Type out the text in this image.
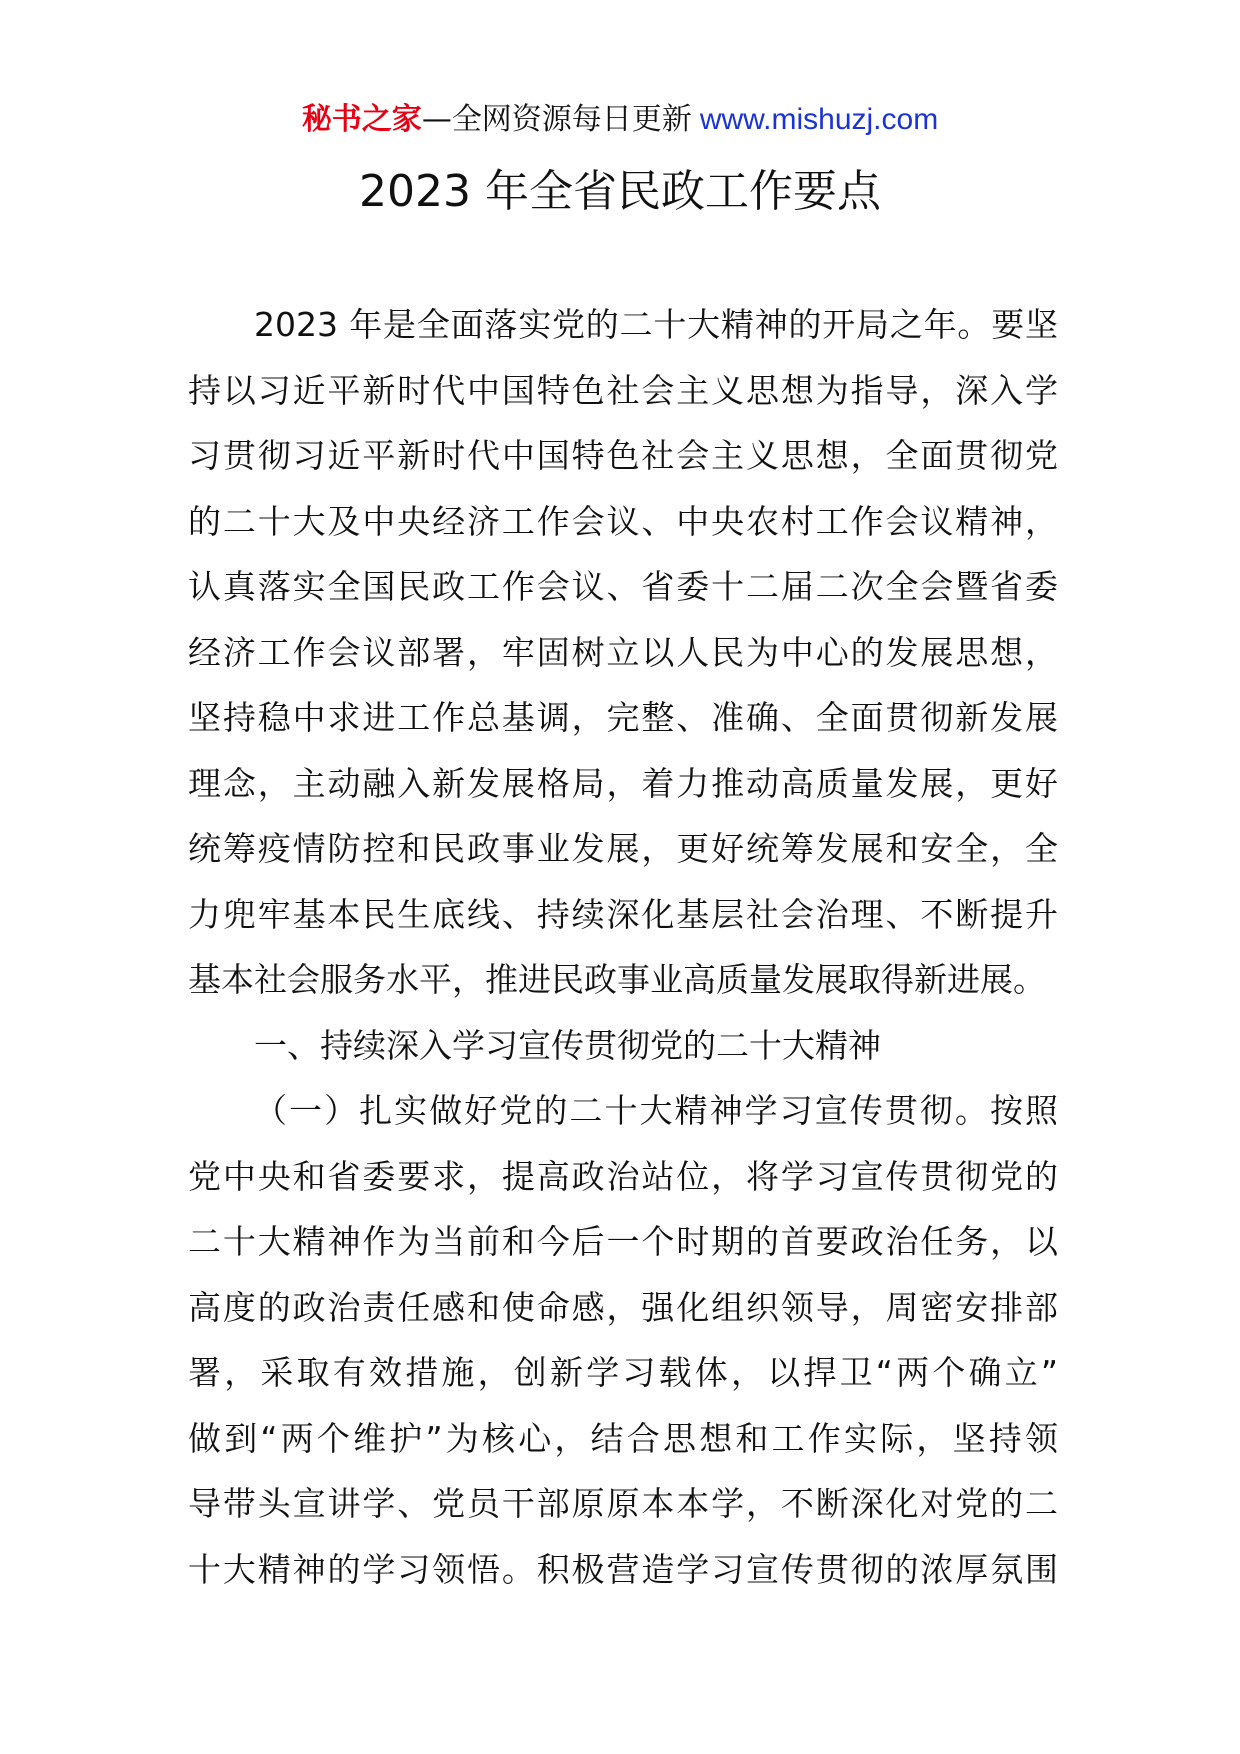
秘书之家—全网资源每日更新 www.mishuzj.com
2023 年全省民政工作要点
2023 年是全面落实党的二十大精神的开局之年。要坚
持以习近平新时代中国特色社会主义思想为指导，深入学
习贯彻习近平新时代中国特色社会主义思想，全面贯彻党
的二十大及中央经济工作会议、中央农村工作会议精神，
认真落实全国民政工作会议、省委十二届二次全会暨省委
经济工作会议部署，牢固树立以人民为中心的发展思想，
坚持稳中求进工作总基调，完整、准确、全面贯彻新发展
理念，主动融入新发展格局，着力推动高质量发展，更好
统筹疫情防控和民政事业发展，更好统筹发展和安全，全
力兜牢基本民生底线、持续深化基层社会治理、不断提升
基本社会服务水平，推进民政事业高质量发展取得新进展。
一、持续深入学习宣传贯彻党的二十大精神
（一）扎实做好党的二十大精神学习宣传贯彻。按照
党中央和省委要求，提高政治站位，将学习宣传贯彻党的
二十大精神作为当前和今后一个时期的首要政治任务，以
高度的政治责任感和使命感，强化组织领导，周密安排部
署，采取有效措施，创新学习载体，以捍卫“两个确立”
做到“两个维护”为核心，结合思想和工作实际，坚持领
导带头宣讲学、党员干部原原本本学，不断深化对党的二
十大精神的学习领悟。积极营造学习宣传贯彻的浓厚氛围
